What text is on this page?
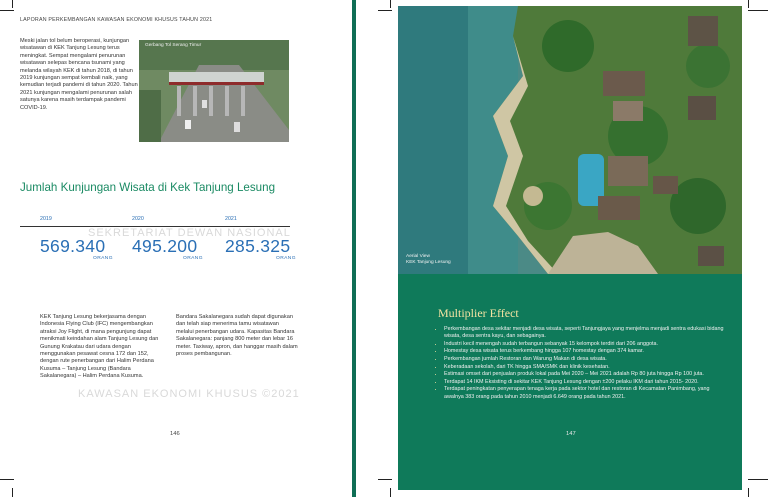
LAPORAN PERKEMBANGAN KAWASAN EKONOMI KHUSUS TAHUN 2021
Meski jalan tol belum beroperasi, kunjungan wisatawan di KEK Tanjung Lesung terus meningkat. Sempat mengalami penurunan wisatawan selepas bencana tsunami yang melanda wilayah KEK di tahun 2018, di tahun 2019 kunjungan sempat kembali naik, yang kemudian terjadi pandemi di tahun 2020. Tahun 2021 kunjungan mengalami penurunan salah satunya karena masih terdampak pandemi COVID-19.
Gerbang Tol Serang Timur
Jumlah Kunjungan Wisata di Kek Tanjung Lesung
SEKRETARIAT DEWAN NASIONAL
2019	2020	2021
569.340 495.200 285.325
ORANG	ORANG	ORANG
KEK Tanjung Lesung bekerjasama dengan Indonesia Flying Club (IFC) mengembangkan atraksi Joy Flight, di mana pengunjung dapat menikmati keindahan alam Tanjung Lesung dan Gunung Krakatau dari udara dengan menggunakan pesawat cesna 172 dan 152, dengan rute penerbangan dari Halim Perdana Kusuma – Tanjung Lesung (Bandara Sakalanegara) – Halim Perdana Kusuma.
Bandara Sakalanegara sudah dapat digunakan dan telah siap menerima tamu wisatawan melalui penerbangan udara. Kapasitas Bandara Sakalanegara: panjang 800 meter dan lebar 16 meter. Taxiway, apron, dan hanggar masih dalam proses pembangunan.
KAWASAN EKONOMI KHUSUS ©2021
146
Aerial View
KEK Tanjung Lesung
Multiplier Effect
• Perkembangan desa sekitar menjadi desa wisata, seperti Tanjungjaya yang menjelma menjadi sentra edukasi bidang wisata, desa sentra kayu, dan sebagainya.
• Industri kecil menengah sudah terbangun sebanyak 15 kelompok terdiri dari 206 anggota.
• Homestay desa wisata terus berkembang hingga 107 homestay dengan 374 kamar.
• Perkembangan jumlah Restoran dan Warung Makan di desa wisata.
• Keberadaan sekolah, dari TK hingga SMA/SMK dan klinik kesehatan.
• Estimasi omset dari penjualan produk lokal pada Mei 2020 – Mei 2021 adalah Rp 80 juta hingga Rp 100 juta.
• Terdapat 14 IKM Eksisting di sekitar KEK Tanjung Lesung dengan ±200 pelaku IKM dari tahun 2015- 2020.
• Terdapat peningkatan penyerapan tenaga kerja pada sektor hotel dan restoran di Kecamatan Panimbang, yang awalnya 383 orang pada tahun 2010 menjadi 6.649 orang pada tahun 2021.
147
